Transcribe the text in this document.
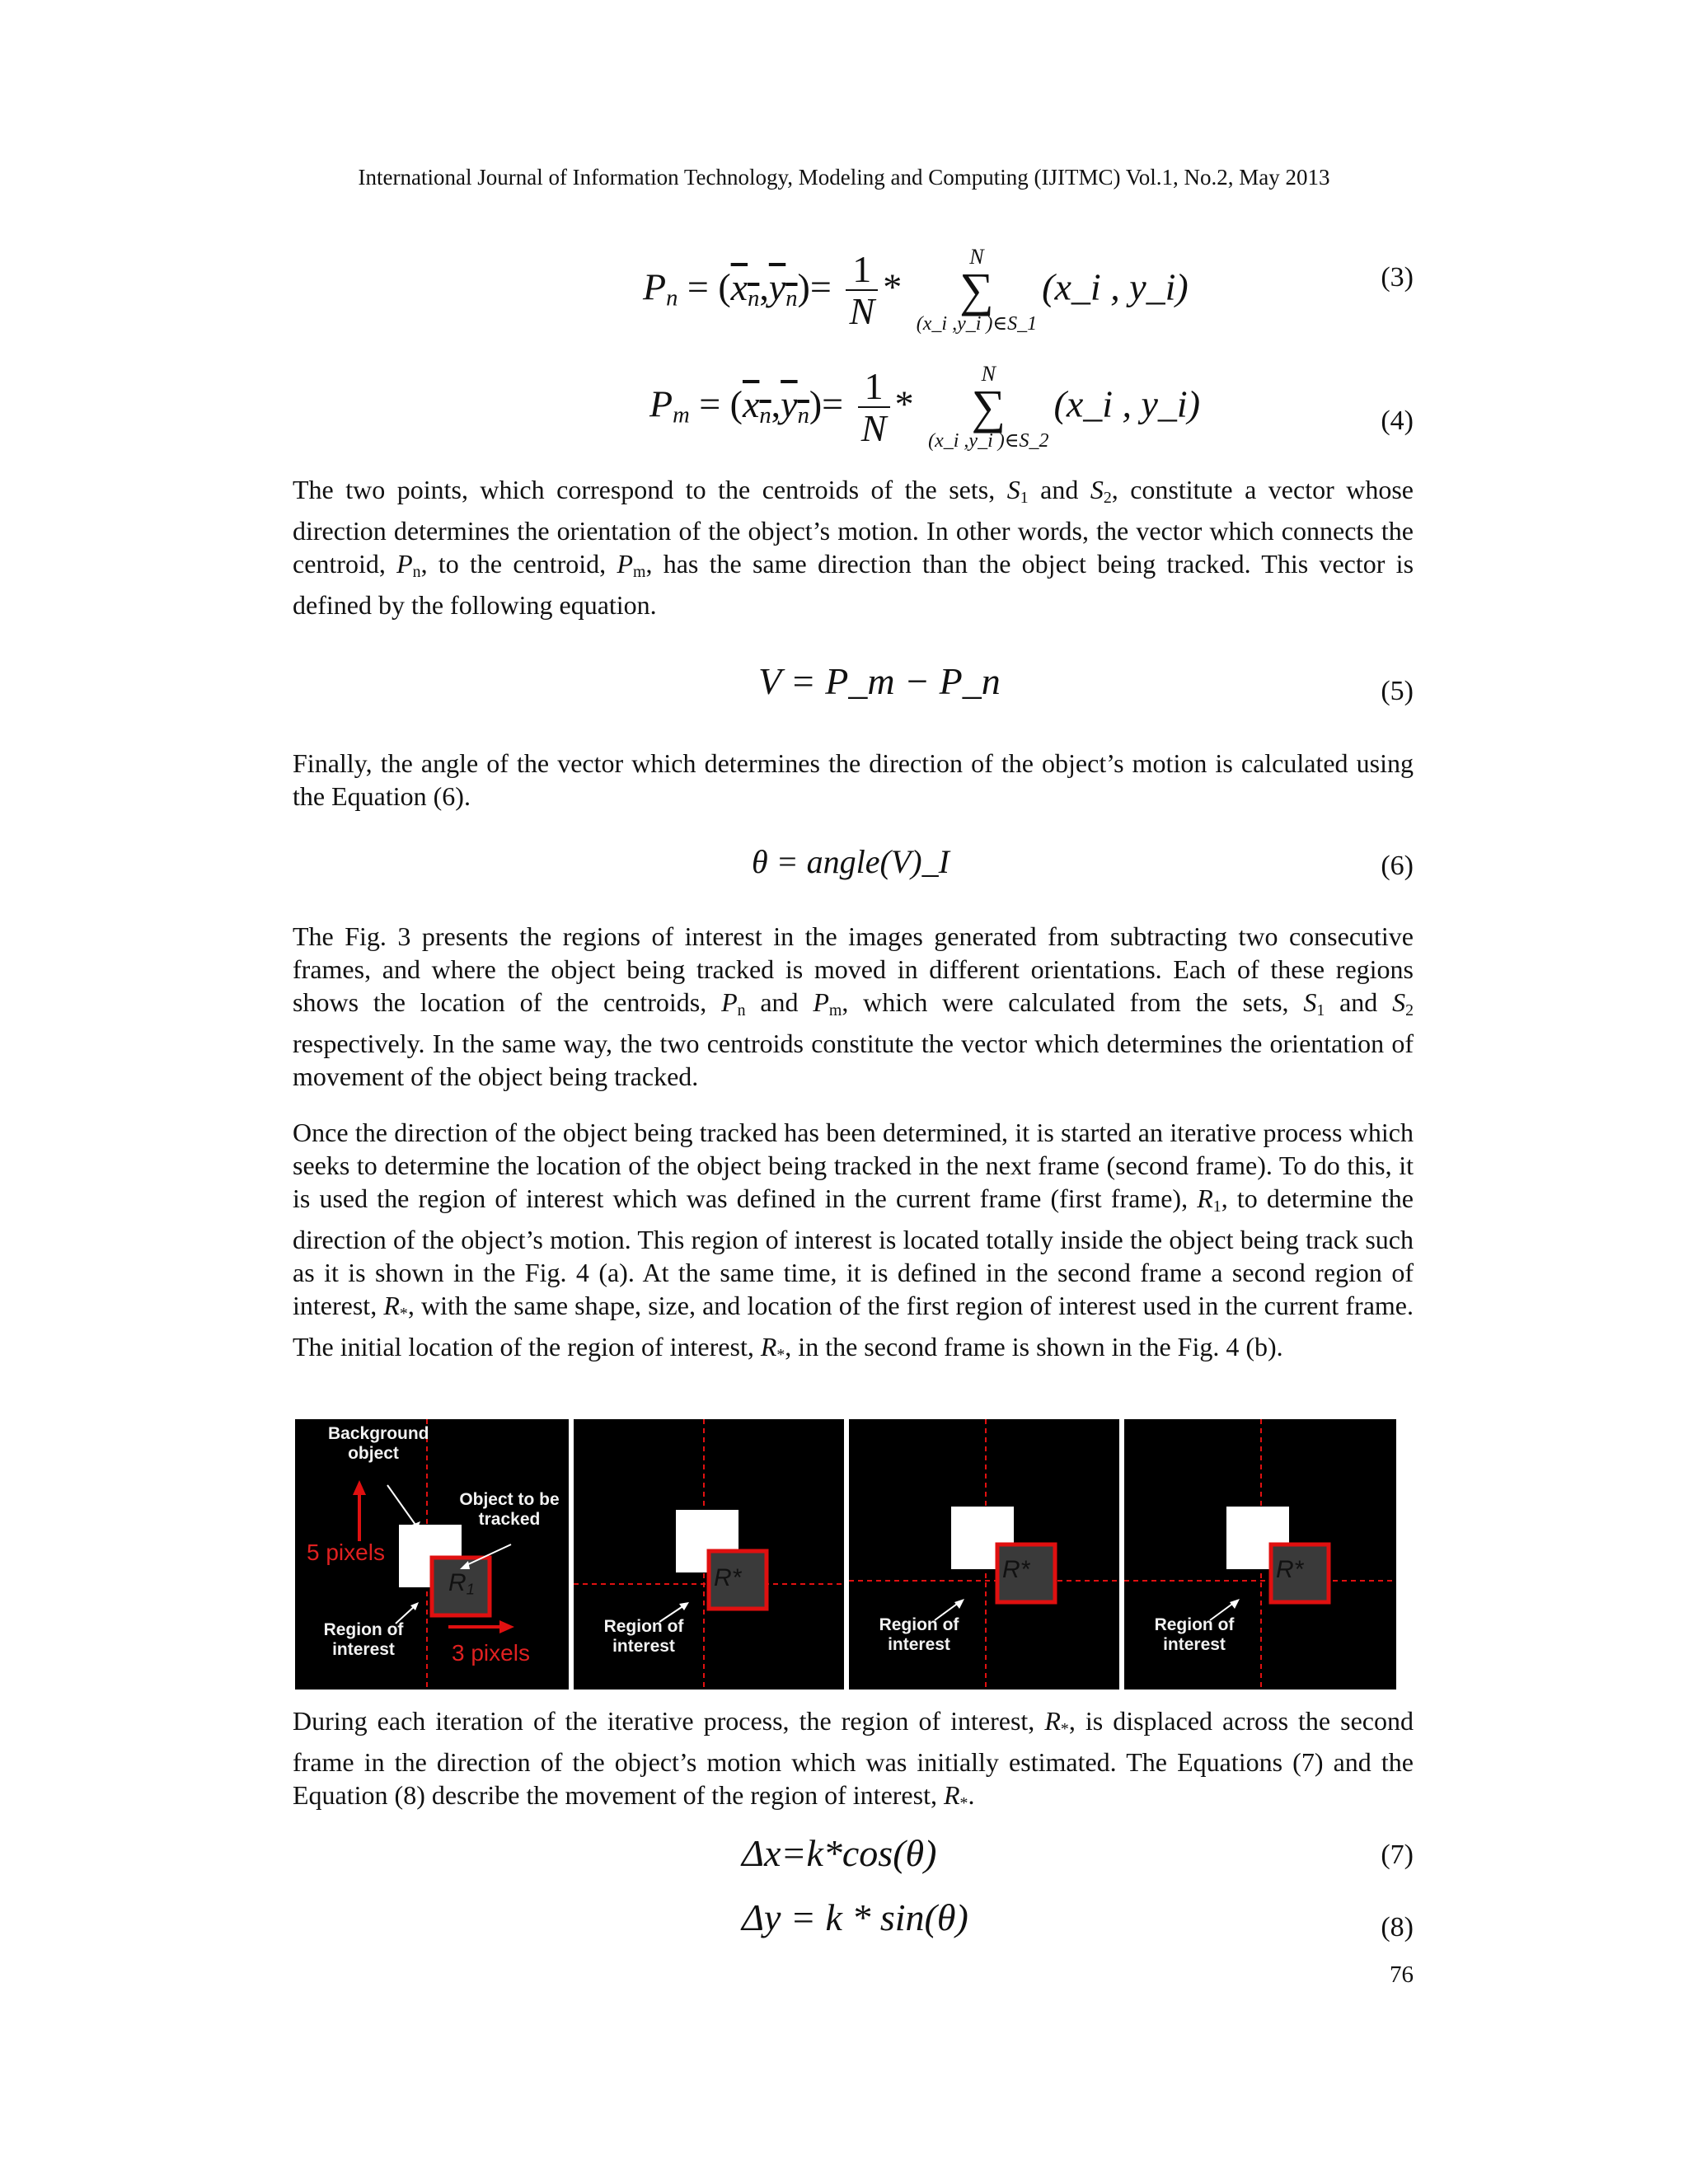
International Journal of Information Technology, Modeling and Computing (IJITMC) Vol.1, No.2, May 2013
$P_n = (x_n,y_n)= \frac{1}{N}$ *
N
∑
(x_i ,y_i )∈S_1
(x_i , y_i)	(3)
$P_m = (x_n,y_n)= \frac{1}{N}$ *
N
∑
(x_i ,y_i )∈S_2
(x_i , y_i)	(4)
The two points, which correspond to the centroids of the sets, $S_1$ and $S_2$, constitute a vector whose direction determines the orientation of the object’s motion. In other words, the vector which connects the centroid, $P_n$, to the centroid, $P_m$, has the same direction than the object being tracked. This vector is defined by the following equation.
V = P_m − P_n	(5)
Finally, the angle of the vector which determines the direction of the object’s motion is calculated using the Equation (6).
θ = angle(V)_I	(6)
The Fig. 3 presents the regions of interest in the images generated from subtracting two consecutive frames, and where the object being tracked is moved in different orientations. Each of these regions shows the location of the centroids, $P_n$ and $P_m$, which were calculated from the sets, $S_1$ and $S_2$ respectively. In the same way, the two centroids constitute the vector which determines the orientation of movement of the object being tracked.
Once the direction of the object being tracked has been determined, it is started an iterative process which seeks to determine the location of the object being tracked in the next frame (second frame). To do this, it is used the region of interest which was defined in the current frame (first frame), $R_1$, to determine the direction of the object’s motion. This region of interest is located totally inside the object being track such as it is shown in the Fig. 4 (a). At the same time, it is defined in the second frame a second region of interest, $R_*$, with the same shape, size, and location of the first region of interest used in the current frame. The initial location of the region of interest, $R_*$, in the second frame is shown in the Fig. 4 (b).
Background object
Object to be tracked
Region of interest
5 pixels
3 pixels
$R_1$	R*
Region of interest
R*
Region of interest
R*
Region of interest
During each iteration of the iterative process, the region of interest, $R_*$, is displaced across the second frame in the direction of the object’s motion which was initially estimated. The Equations (7) and the Equation (8) describe the movement of the region of interest, $R_*$.
Δx=k*cos(θ)	(7)
Δy = k * sin(θ)	(8)
76
